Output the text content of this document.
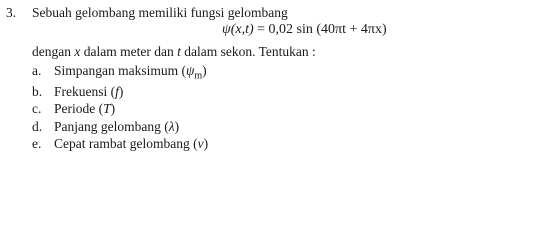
3. Sebuah gelombang memiliki fungsi gelombang
ψ(x,t) = 0,02 sin (40πt + 4πx)
dengan x dalam meter dan t dalam sekon. Tentukan :
a. Simpangan maksimum $(\psi_m)$
b. Frekuensi (f)
c. Periode (T)
d. Panjang gelombang (λ)
e. Cepat rambat gelombang (v)
